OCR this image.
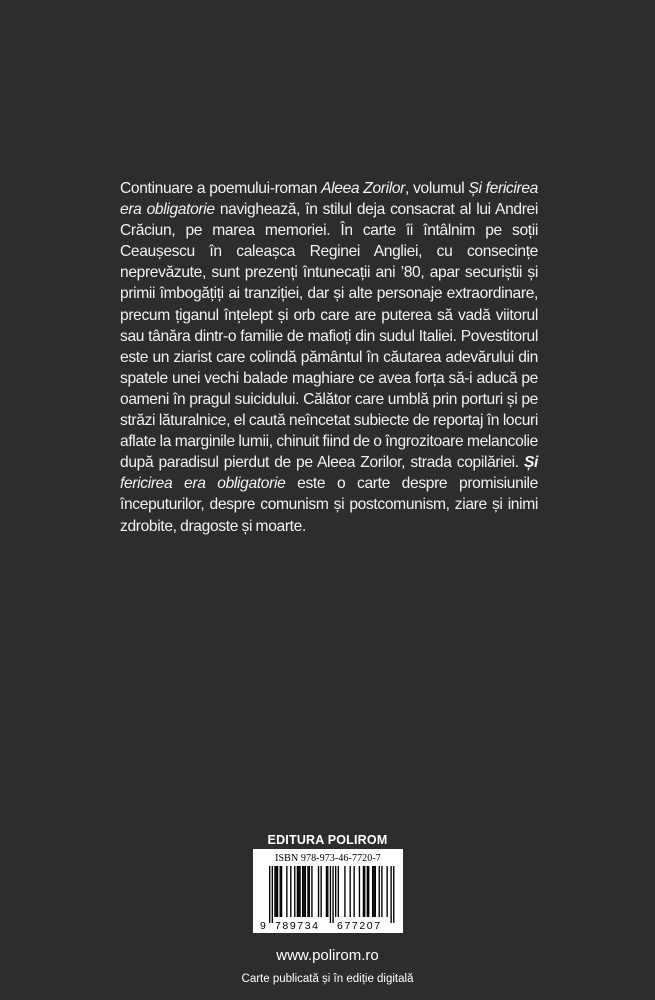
Continuare a poemului-roman Aleea Zorilor, volumul Și fericirea era obligatorie navighează, în stilul deja consacrat al lui Andrei Crăciun, pe marea memoriei. În carte îi întâlnim pe soții Ceaușescu în caleașca Reginei Angliei, cu consecințe neprevăzute, sunt prezenți întunecații ani ’80, apar securiștii și primii îmbogățiți ai tranziției, dar și alte personaje extraordinare, precum țiganul înțelept și orb care are puterea să vadă viitorul sau tânăra dintr-o familie de mafioți din sudul Italiei. Povestitorul este un ziarist care colindă pământul în căutarea adevărului din spatele unei vechi balade maghiare ce avea forța să-i aducă pe oameni în pragul suicidului. Călător care umblă prin porturi și pe străzi lăturalnice, el caută neîncetat subiecte de reportaj în locuri aflate la marginile lumii, chinuit fiind de o îngrozitoare melancolie după paradisul pierdut de pe Aleea Zorilor, strada copilăriei. Și fericirea era obligatorie este o carte despre promisiunile începuturilor, despre comunism și postcomunism, ziare și inimi zdrobite, dragoste și moarte.

EDITURA POLIROM
ISBN 978-973-46-7720-7
9 789734 677207
www.polirom.ro
Carte publicată și în ediție digitală
